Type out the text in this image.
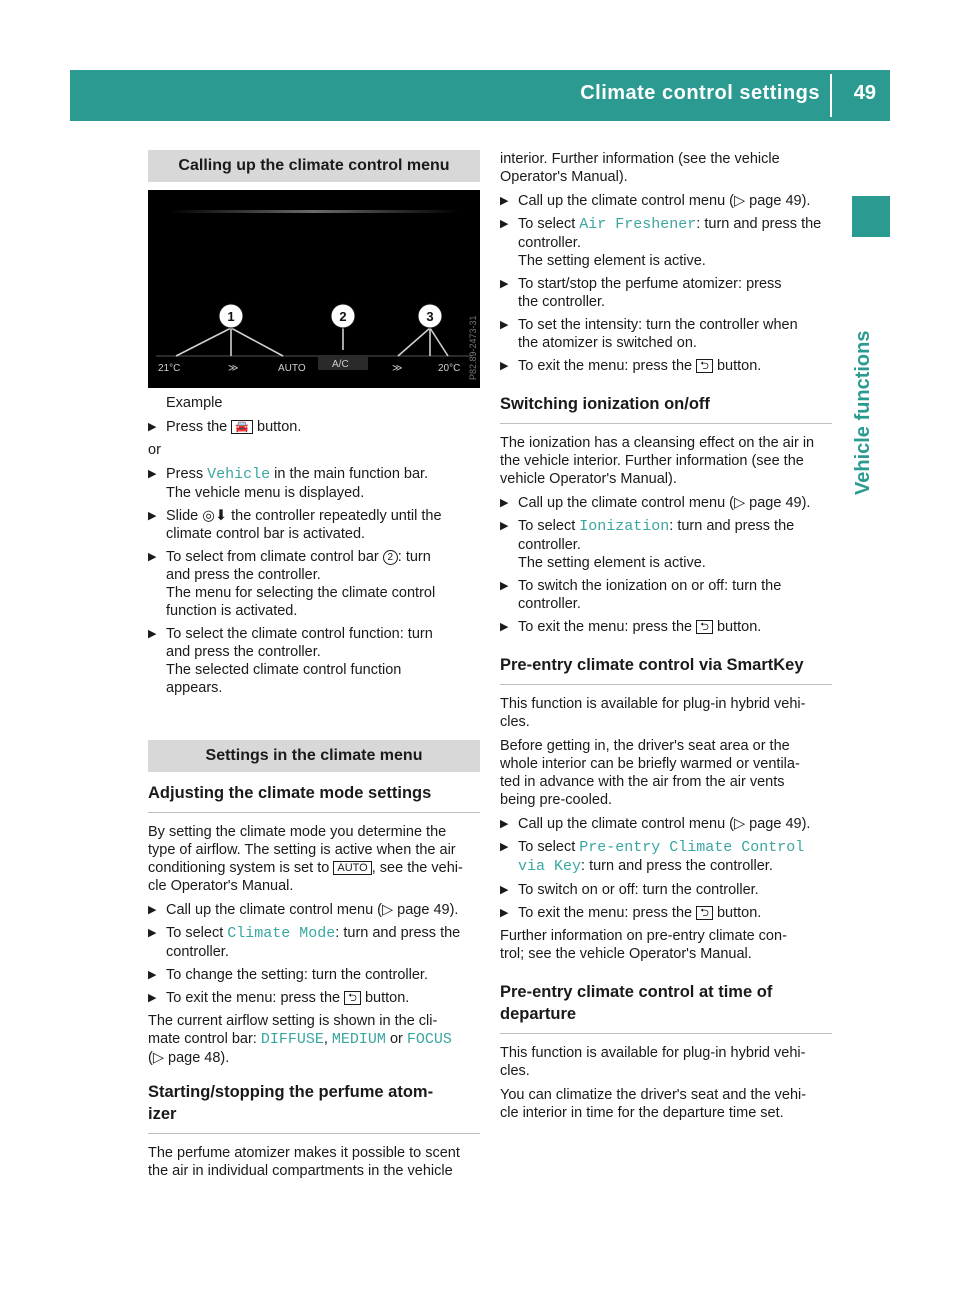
Climate control settings 49
Vehicle functions
Calling up the climate control menu
1	2	3
21°C	≫	AUTO	A/C	≫	20°C P82.89-2473-31

Example

▶ Press the 🚘 button.

or

▶ Press Vehicle in the main function bar.
The vehicle menu is displayed.
▶ Slide ◎⬇ the controller repeatedly until the
climate control bar is activated.
▶ To select from climate control bar 2 : turn
and press the controller.
The menu for selecting the climate control
function is activated.
▶ To select the climate control function: turn
and press the controller.
The selected climate control function
appears.
Settings in the climate menu
Adjusting the climate mode settings

By setting the climate mode you determine the
type of airflow. The setting is active when the air
conditioning system is set to AUTO , see the vehi-
cle Operator's Manual.

▶ Call up the climate control menu (▷ page 49).
▶ To select Climate Mode: turn and press the
controller.
▶ To change the setting: turn the controller.
▶ To exit the menu: press the ⮌ button.

The current airflow setting is shown in the cli-
mate control bar: DIFFUSE, MEDIUM or FOCUS
(▷ page 48).

Starting/stopping the perfume atom-
izer

The perfume atomizer makes it possible to scent
the air in individual compartments in the vehicle

interior. Further information (see the vehicle
Operator's Manual).

▶ Call up the climate control menu (▷ page 49).
▶ To select Air Freshener: turn and press the
controller.
The setting element is active.
▶ To start/stop the perfume atomizer: press
the controller.
▶ To set the intensity: turn the controller when
the atomizer is switched on.
▶ To exit the menu: press the ⮌ button.
Switching ionization on/off

The ionization has a cleansing effect on the air in
the vehicle interior. Further information (see the
vehicle Operator's Manual).

▶ Call up the climate control menu (▷ page 49).
▶ To select Ionization: turn and press the
controller.
The setting element is active.
▶ To switch the ionization on or off: turn the
controller.
▶ To exit the menu: press the ⮌ button.
Pre-entry climate control via SmartKey

This function is available for plug-in hybrid vehi-
cles.

Before getting in, the driver's seat area or the
whole interior can be briefly warmed or ventila-
ted in advance with the air from the air vents
being pre-cooled.

▶ Call up the climate control menu (▷ page 49).
▶ To select Pre-entry Climate Control
via Key: turn and press the controller.
▶ To switch on or off: turn the controller.
▶ To exit the menu: press the ⮌ button.

Further information on pre-entry climate con-
trol; see the vehicle Operator's Manual.

Pre-entry climate control at time of
departure

This function is available for plug-in hybrid vehi-
cles.

You can climatize the driver's seat and the vehi-
cle interior in time for the departure time set.
